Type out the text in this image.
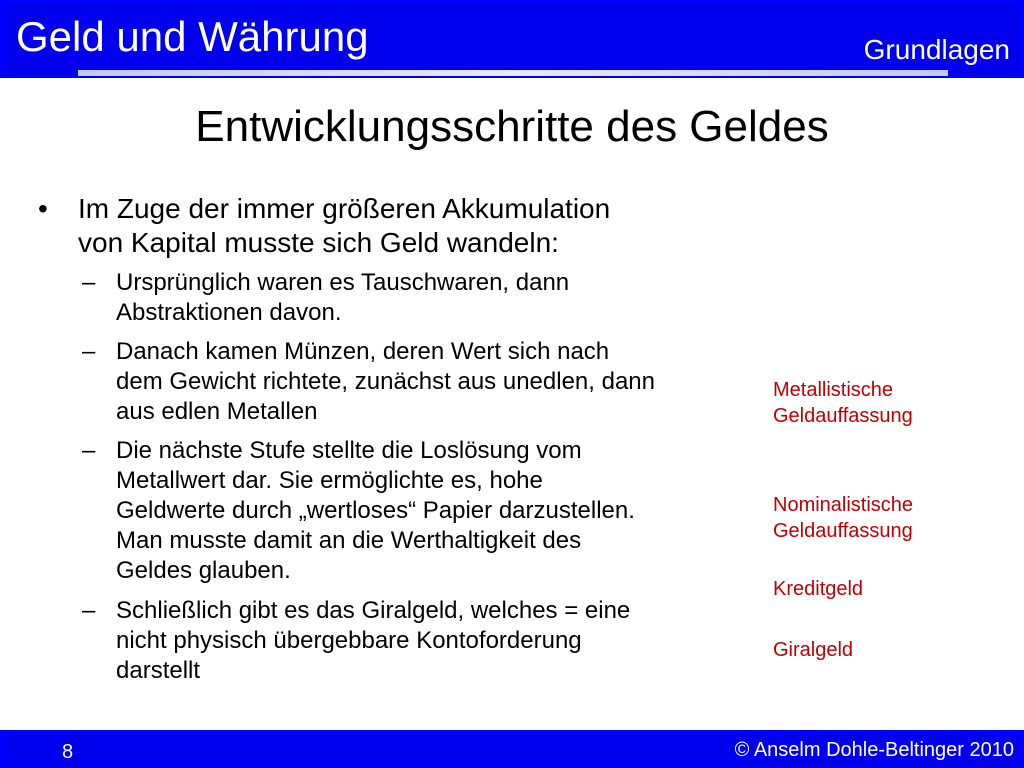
Geld und Währung	Grundlagen
Entwicklungsschritte des Geldes
• Im Zuge der immer größeren Akkumulation
von Kapital musste sich Geld wandeln:
– Ursprünglich waren es Tauschwaren, dann
Abstraktionen davon.
– Danach kamen Münzen, deren Wert sich nach
dem Gewicht richtete, zunächst aus unedlen, dann
aus edlen Metallen
– Die nächste Stufe stellte die Loslösung vom
Metallwert dar. Sie ermöglichte es, hohe
Geldwerte durch „wertloses“ Papier darzustellen.
Man musste damit an die Werthaltigkeit des
Geldes glauben.
– Schließlich gibt es das Giralgeld, welches = eine
nicht physisch übergebbare Kontoforderung
darstellt
Metallistische
Geldauffassung
Nominalistische
Geldauffassung
Kreditgeld
Giralgeld
8	© Anselm Dohle-Beltinger 2010
